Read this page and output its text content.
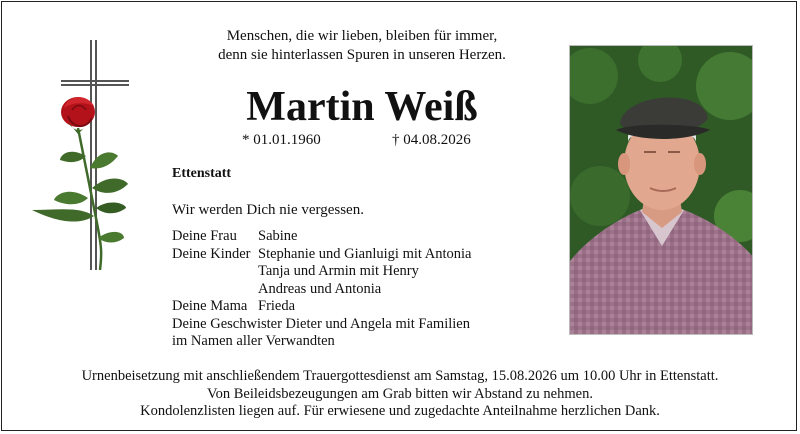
Menschen, die wir lieben, bleiben für immer,
denn sie hinterlassen Spuren in unseren Herzen.
Martin Weiß
* 01.01.1960	† 04.08.2026
Ettenstatt
Wir werden Dich nie vergessen.
Deine Frau	Sabine
Deine Kinder Stephanie und Gianluigi mit Antonia
Tanja und Armin mit Henry
Andreas und Antonia
Deine Mama Frieda
Deine Geschwister Dieter und Angela mit Familien
im Namen aller Verwandten
Urnenbeisetzung mit anschließendem Trauergottesdienst am Samstag, 15.08.2026 um 10.00 Uhr in Ettenstatt.
Von Beileidsbezeugungen am Grab bitten wir Abstand zu nehmen.
Kondolenzlisten liegen auf. Für erwiesene und zugedachte Anteilnahme herzlichen Dank.
